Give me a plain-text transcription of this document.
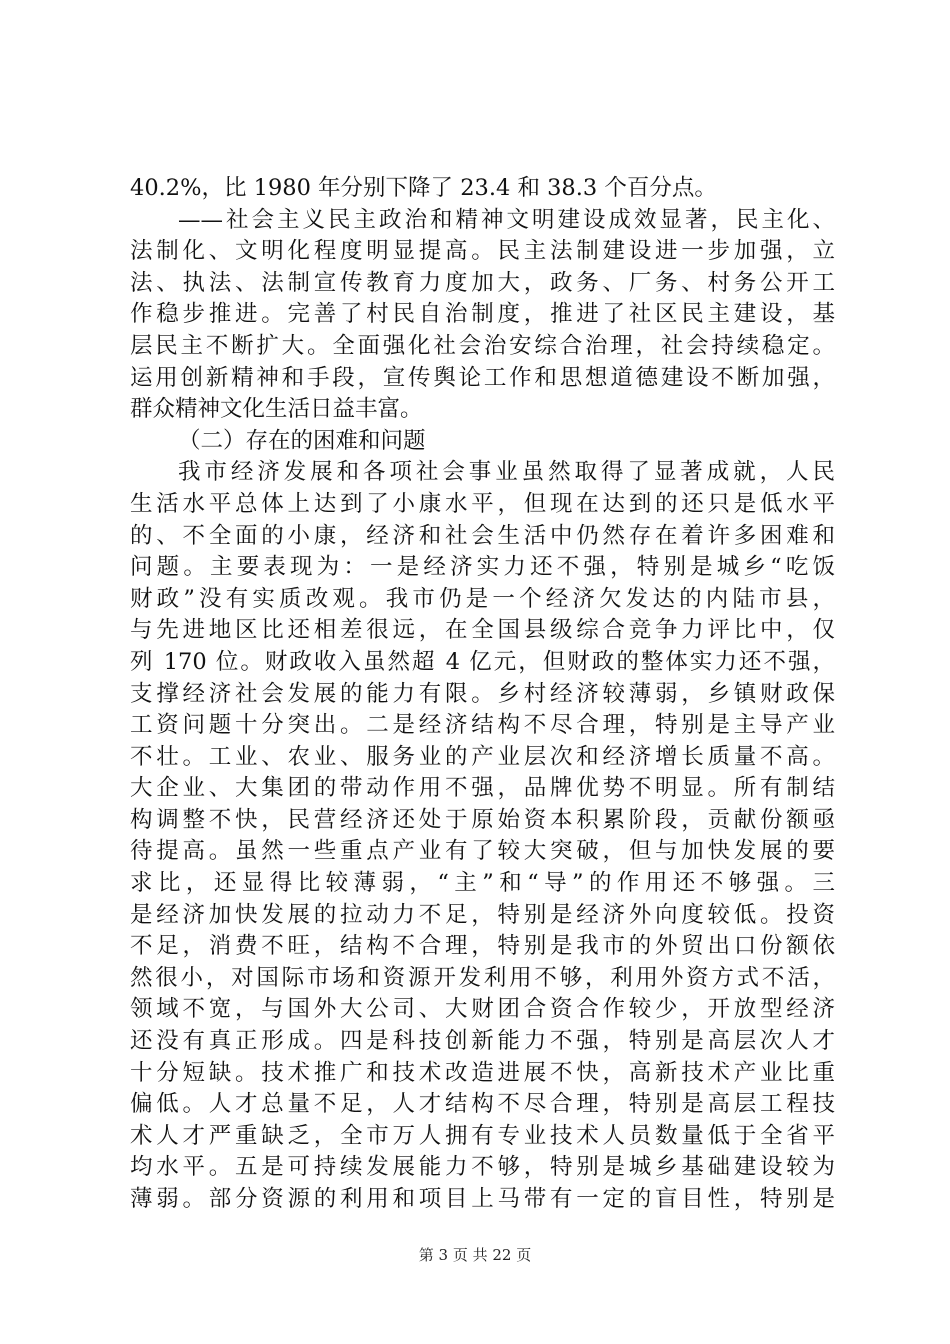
40.2%，比 1980 年分别下降了 23.4 和 38.3 个百分点。
——社会主义民主政治和精神文明建设成效显著，民主化、
法制化、文明化程度明显提高。民主法制建设进一步加强，立
法、执法、法制宣传教育力度加大，政务、厂务、村务公开工
作稳步推进。完善了村民自治制度，推进了社区民主建设，基
层民主不断扩大。全面强化社会治安综合治理，社会持续稳定。
运用创新精神和手段，宣传舆论工作和思想道德建设不断加强，
群众精神文化生活日益丰富。
（二）存在的困难和问题
我市经济发展和各项社会事业虽然取得了显著成就，人民
生活水平总体上达到了小康水平，但现在达到的还只是低水平
的、不全面的小康，经济和社会生活中仍然存在着许多困难和
问题。主要表现为：一是经济实力还不强，特别是城乡“吃饭
财政”没有实质改观。我市仍是一个经济欠发达的内陆市县，
与先进地区比还相差很远，在全国县级综合竞争力评比中，仅
列 170 位。财政收入虽然超 4 亿元，但财政的整体实力还不强，
支撑经济社会发展的能力有限。乡村经济较薄弱，乡镇财政保
工资问题十分突出。二是经济结构不尽合理，特别是主导产业
不壮。工业、农业、服务业的产业层次和经济增长质量不高。
大企业、大集团的带动作用不强，品牌优势不明显。所有制结
构调整不快，民营经济还处于原始资本积累阶段，贡献份额亟
待提高。虽然一些重点产业有了较大突破，但与加快发展的要
求比，还显得比较薄弱，“主”和“导”的作用还不够强。三
是经济加快发展的拉动力不足，特别是经济外向度较低。投资
不足，消费不旺，结构不合理，特别是我市的外贸出口份额依
然很小，对国际市场和资源开发利用不够，利用外资方式不活，
领域不宽，与国外大公司、大财团合资合作较少，开放型经济
还没有真正形成。四是科技创新能力不强，特别是高层次人才
十分短缺。技术推广和技术改造进展不快，高新技术产业比重
偏低。人才总量不足，人才结构不尽合理，特别是高层工程技
术人才严重缺乏，全市万人拥有专业技术人员数量低于全省平
均水平。五是可持续发展能力不够，特别是城乡基础建设较为
薄弱。部分资源的利用和项目上马带有一定的盲目性，特别是
第 3 页 共 22 页
